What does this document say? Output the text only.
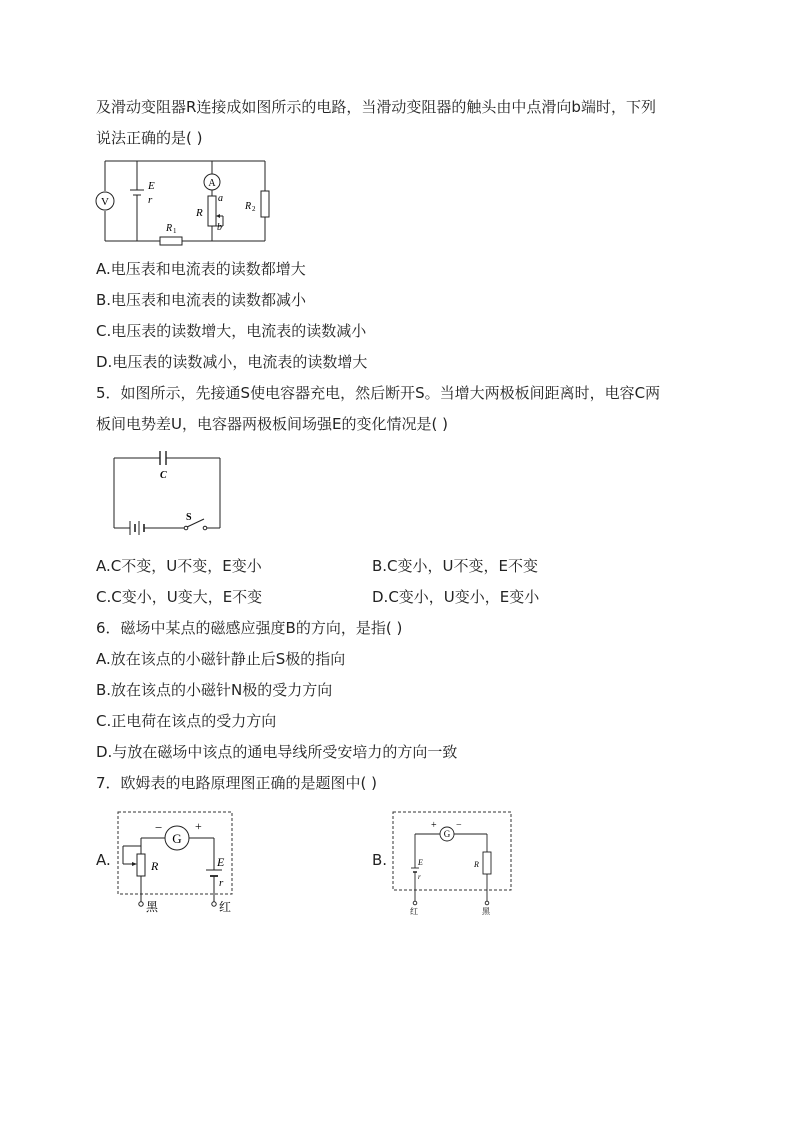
及滑动变阻器R连接成如图所示的电路，当滑动变阻器的触头由中点滑向b端时，下列
说法正确的是( )
V
E
r
A
a
b
R
R 1
R 2
A.电压表和电流表的读数都增大
B.电压表和电流表的读数都减小
C.电压表的读数增大，电流表的读数减小
D.电压表的读数减小，电流表的读数增大
5．如图所示，先接通S使电容器充电，然后断开S。当增大两极板间距离时，电容C两
板间电势差U，电容器两极板间场强E的变化情况是( )
C
S
A.C不变，U不变，E变小	B.C变小，U不变，E不变
C.C变小，U变大，E不变	D.C变小，U变小，E变小
6．磁场中某点的磁感应强度B的方向，是指( )
A.放在该点的小磁针静止后S极的指向
B.放在该点的小磁针N极的受力方向
C.正电荷在该点的受力方向
D.与放在磁场中该点的通电导线所受安培力的方向一致
7．欧姆表的电路原理图正确的是题图中( )
A.
G
−	+
R	E
r
黑	红
B.
G
+ −
R
E
r
红	黑
